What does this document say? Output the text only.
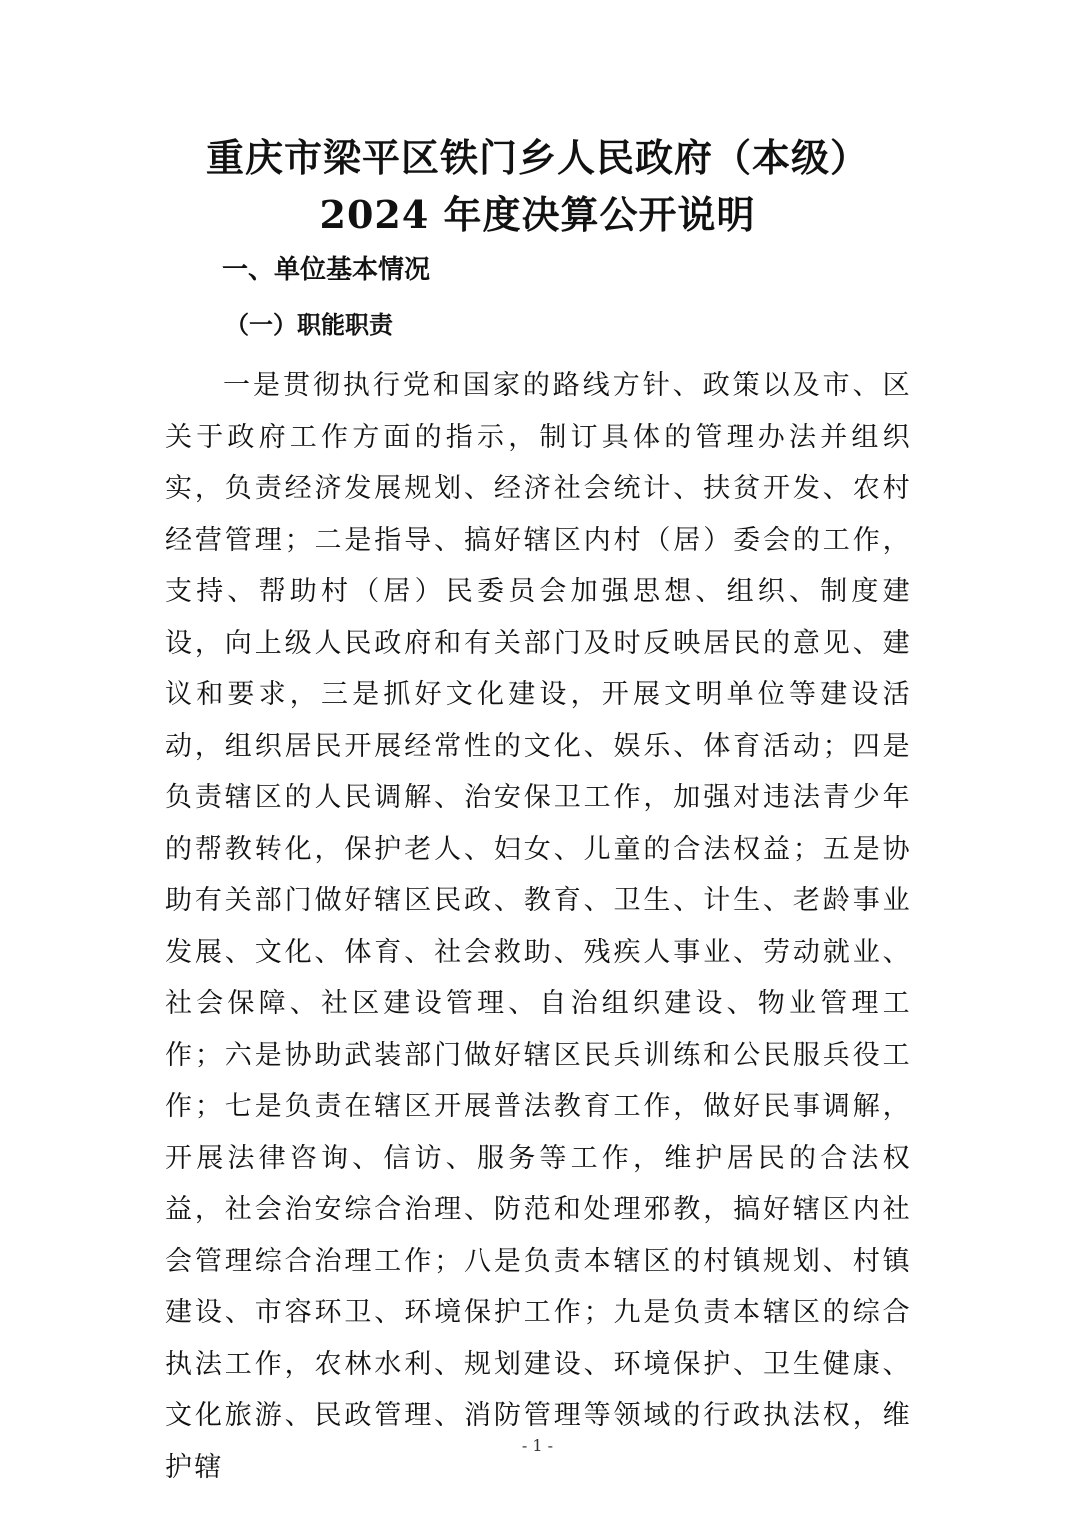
重庆市梁平区铁门乡人民政府（本级）
2024 年度决算公开说明
一、单位基本情况
（一）职能职责

一是贯彻执行党和国家的路线方针、政策以及市、区关于政府工作方面的指示，制订具体的管理办法并组织实，负责经济发展规划、经济社会统计、扶贫开发、农村经营管理；二是指导、搞好辖区内村（居）委会的工作，支持、帮助村（居）民委员会加强思想、组织、制度建设，向上级人民政府和有关部门及时反映居民的意见、建议和要求，三是抓好文化建设，开展文明单位等建设活动，组织居民开展经常性的文化、娱乐、体育活动；四是负责辖区的人民调解、治安保卫工作，加强对违法青少年的帮教转化，保护老人、妇女、儿童的合法权益；五是协助有关部门做好辖区民政、教育、卫生、计生、老龄事业发展、文化、体育、社会救助、残疾人事业、劳动就业、社会保障、社区建设管理、自治组织建设、物业管理工作；六是协助武装部门做好辖区民兵训练和公民服兵役工作；七是负责在辖区开展普法教育工作，做好民事调解，开展法律咨询、信访、服务等工作，维护居民的合法权益，社会治安综合治理、防范和处理邪教，搞好辖区内社会管理综合治理工作；八是负责本辖区的村镇规划、村镇建设、市容环卫、环境保护工作；九是负责本辖区的综合执法工作，农林水利、规划建设、环境保护、卫生健康、文化旅游、民政管理、消防管理等领域的行政执法权，维护辖

- 1 -
